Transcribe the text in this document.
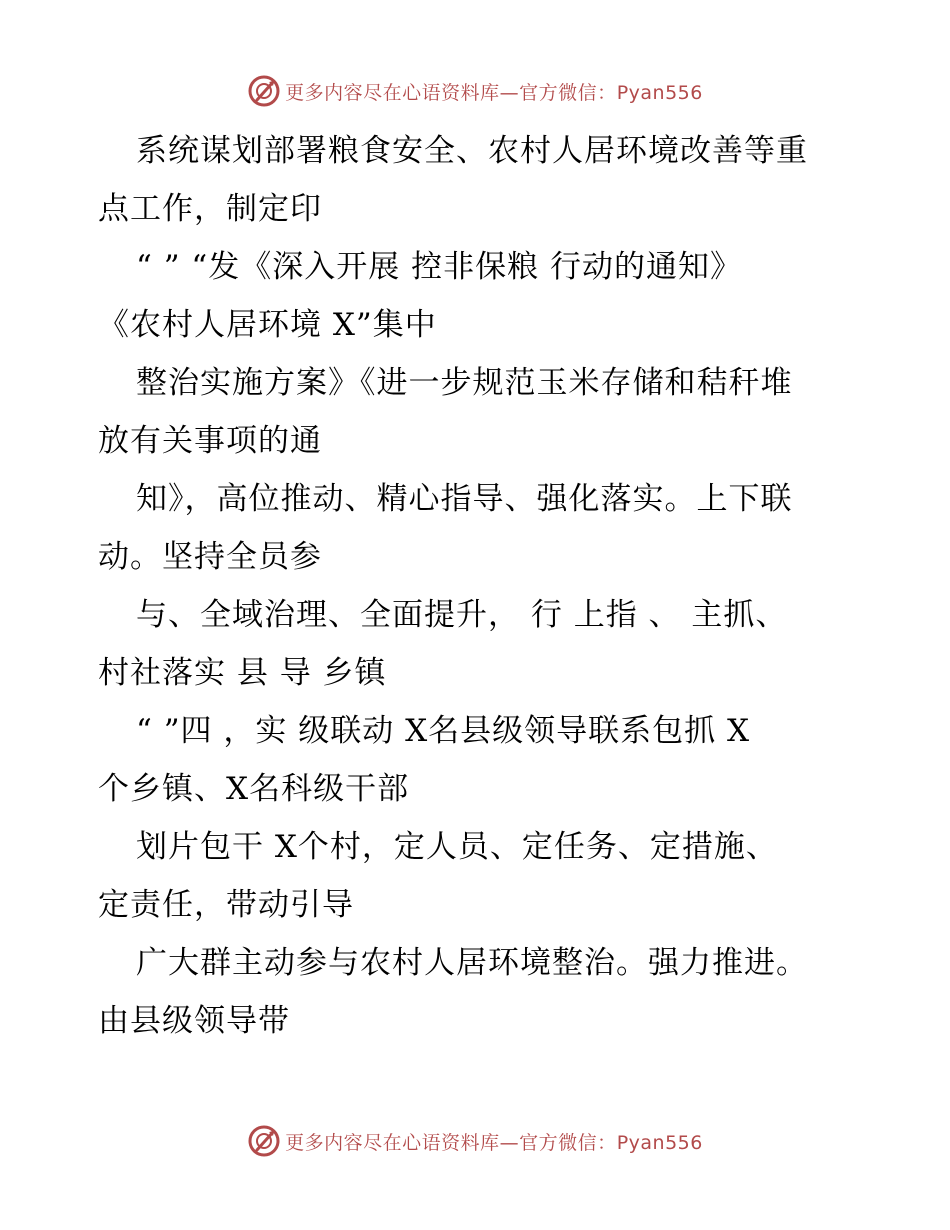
更多内容尽在心语资料库—官方微信：Pyan556

系统谋划部署粮食安全、农村人居环境改善等重
点工作，制定印

“ ” “发《深入开展 控非保粮 行动的通知》
《农村人居环境 X”集中

整治实施方案》《进一步规范玉米存储和秸秆堆
放有关事项的通

知》，高位推动、精心指导、强化落实。上下联
动。坚持全员参

与、全域治理、全面提升， 行 上指 、 主抓、
村社落实 县 导 乡镇

“ ”四 ，实 级联动 X名县级领导联系包抓 X
个乡镇、X名科级干部

划片包干 X个村，定人员、定任务、定措施、
定责任，带动引导

广大群主动参与农村人居环境整治。强力推进。
由县级领导带

更多内容尽在心语资料库—官方微信：Pyan556
